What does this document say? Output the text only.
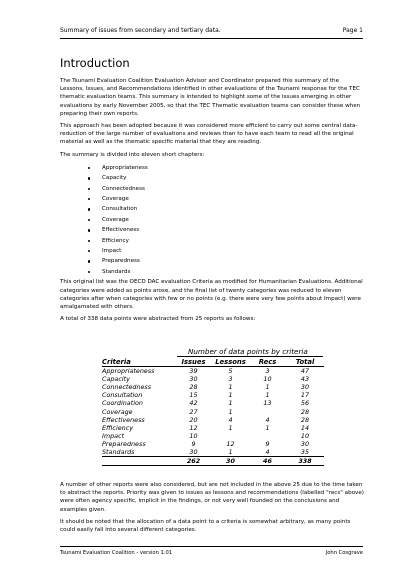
Summary of issues from secondary and tertiary data.	Page 1
Introduction

The Tsunami Evaluation Coalition Evaluation Advisor and Coordinator prepared this summary of the Lessons, Issues, and Recommendations identified in other evaluations of the Tsunami response for the TEC thematic evaluation teams. This summary is intended to highlight some of the issues emerging in other evaluations by early November 2005, so that the TEC Thematic evaluation teams can consider these when preparing their own reports.

This approach has been adopted because it was considered more efficient to carry out some central data-reduction of the large number of evaluations and reviews than to have each team to read all the original material as well as the thematic specific material that they are reading.

The summary is divided into eleven short chapters:

Appropriateness
Capacity
Connectedness
Coverage
Consultation
Coverage
Effectiveness
Efficiency
Impact
Preparedness
Standards

This original list was the OECD DAC evaluation Criteria as modified for Humanitarian Evaluations. Additional categories were added as points arose, and the final list of twenty categories was reduced to eleven categories after when categories with few or no points (e.g. there were very few points about Impact) were amalgamated with others.

A total of 338 data points were abstracted from 25 reports as follows:

Number of data points by criteria
Criteria	Issues	Lessons	Recs	Total
Appropriateness	39	5	3	47
Capacity	30	3	10	43
Connectedness	28	1	1	30
Consultation	15	1	1	17
Coordination	42	1	13	56
Coverage	27	1		28
Effectiveness	20	4	4	28
Efficiency	12	1	1	14
Impact	10			10
Preparedness	9	12	9	30
Standards	30	1	4	35
	262	30	46	338

A number of other reports were also considered, but are not included in the above 25 due to the time taken to abstract the reports. Priority was given to issues as lessons and recommendations (labelled "recs" above) were often agency specific, implicit in the findings, or not very well founded on the conclusions and examples given.

It should be noted that the allocation of a data point to a criteria is somewhat arbitrary, as many points could easily fall into several different categories.

Tsunami Evaluation Coalition - version 1.01	John Cosgrave
